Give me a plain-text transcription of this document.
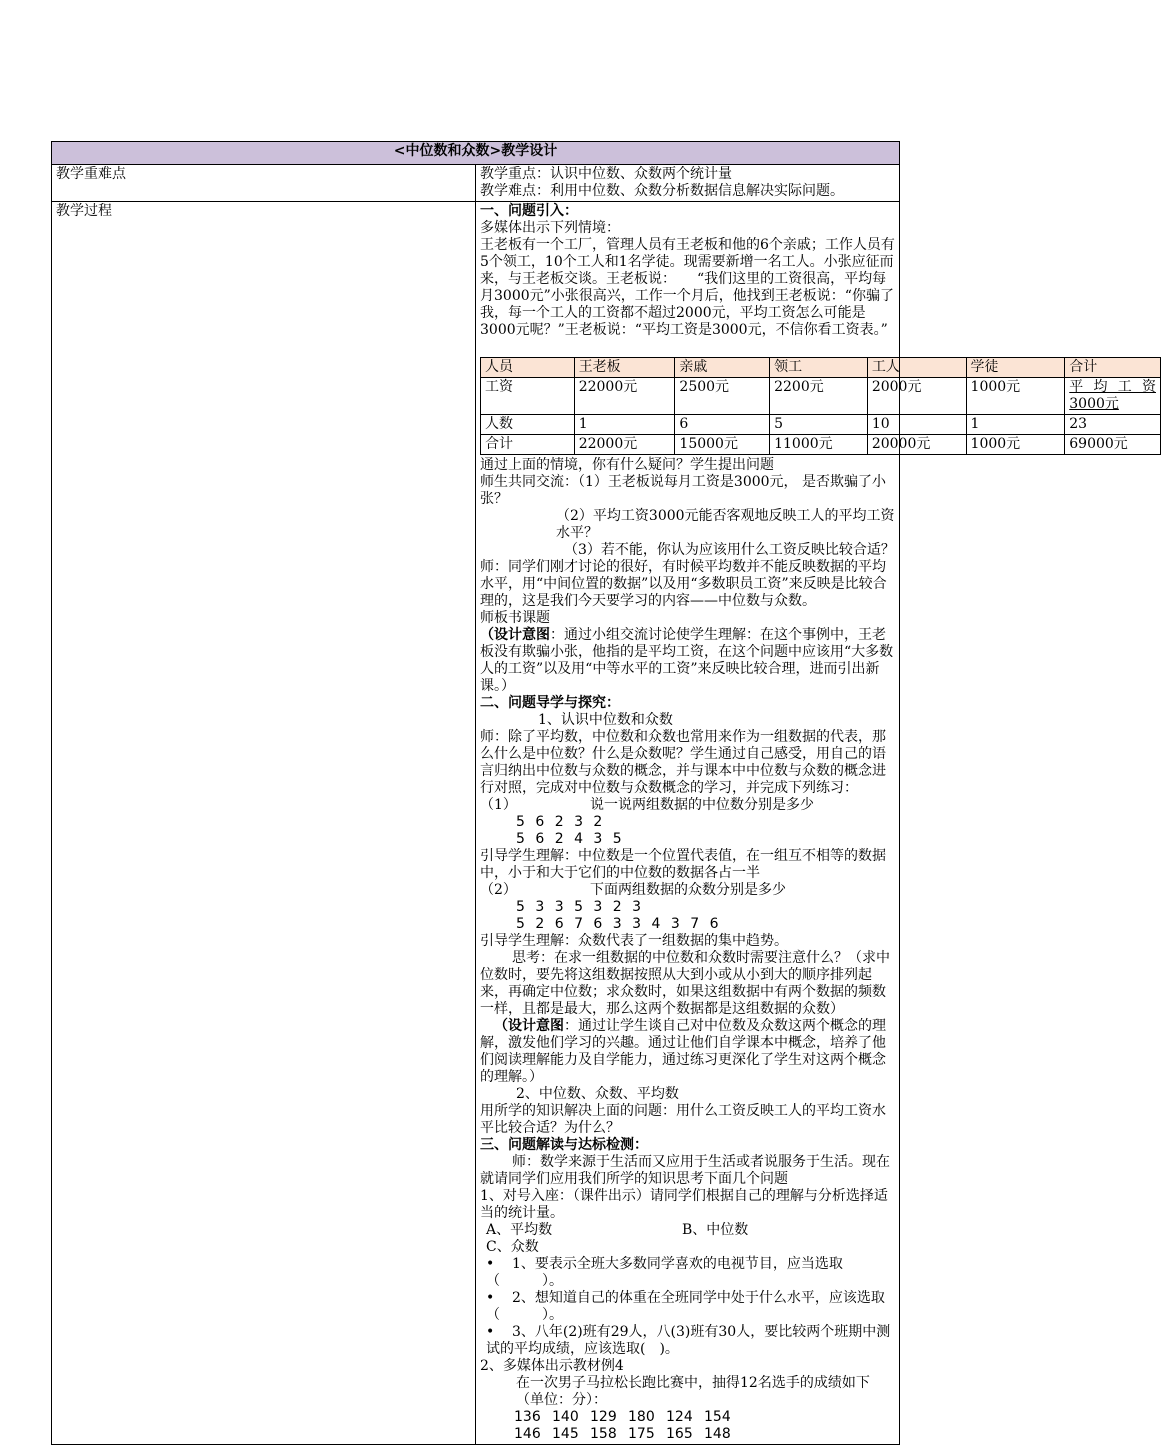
<中位数和众数>教学设计
教学重难点	教学重点：认识中位数、众数两个统计量

教学难点：利用中位数、众数分析数据信息解决实际问题。

教学过程	一、问题引入：

多媒体出示下列情境：

王老板有一个工厂，管理人员有王老板和他的6个亲戚；工作人员有5个领工，10个工人和1名学徒。现需要新增一名工人。小张应征而来，与王老板交谈。王老板说：　　“我们这里的工资很高，平均每月3000元”小张很高兴，工作一个月后，他找到王老板说：“你骗了我，每一个工人的工资都不超过2000元，平均工资怎么可能是3000元呢？”王老板说：“平均工资是3000元，不信你看工资表。”

人员	王老板	亲戚	领工	工人	学徒	合计
工资	22000元	2500元	2200元	2000元	1000元	平均工资3000元
人数	1	6	5	10	1	23
合计	22000元	15000元	11000元	20000元	1000元	69000元

通过上面的情境，你有什么疑问？学生提出问题

师生共同交流：（1）王老板说每月工资是3000元， 是否欺骗了小张？

（2）平均工资3000元能否客观地反映工人的平均工资水平？

（3）若不能，你认为应该用什么工资反映比较合适？

师：同学们刚才讨论的很好，有时候平均数并不能反映数据的平均水平，用“中间位置的数据”以及用“多数职员工资”来反映是比较合理的，这是我们今天要学习的内容——中位数与众数。

师板书课题

（设计意图：通过小组交流讨论使学生理解：在这个事例中，王老板没有欺骗小张，他指的是平均工资，在这个问题中应该用“大多数人的工资”以及用“中等水平的工资”来反映比较合理，进而引出新课。）

二、问题导学与探究：

1、认识中位数和众数

师：除了平均数，中位数和众数也常用来作为一组数据的代表，那么什么是中位数？什么是众数呢？学生通过自己感受，用自己的语言归纳出中位数与众数的概念，并与课本中中位数与众数的概念进行对照，完成对中位数与众数概念的学习，并完成下列练习：

（1）	说一说两组数据的中位数分别是多少

5 6 2 3 2

5 6 2 4 3 5

引导学生理解：中位数是一个位置代表值，在一组互不相等的数据中，小于和大于它们的中位数的数据各占一半

（2）	下面两组数据的众数分别是多少

5 3 3 5 3 2 3

5 2 6 7 6 3 3 4 3 7 6

引导学生理解：众数代表了一组数据的集中趋势。

思考：在求一组数据的中位数和众数时需要注意什么？（求中位数时，要先将这组数据按照从大到小或从小到大的顺序排列起来，再确定中位数；求众数时，如果这组数据中有两个数据的频数一样，且都是最大，那么这两个数据都是这组数据的众数）

（设计意图：通过让学生谈自己对中位数及众数这两个概念的理解，激发他们学习的兴趣。通过让他们自学课本中概念，培养了他们阅读理解能力及自学能力，通过练习更深化了学生对这两个概念的理解。）

2、中位数、众数、平均数

用所学的知识解决上面的问题：用什么工资反映工人的平均工资水平比较合适？为什么？

三、问题解读与达标检测：

师：数学来源于生活而又应用于生活或者说服务于生活。现在就请同学们应用我们所学的知识思考下面几个问题

1、对号入座：（课件出示）请同学们根据自己的理解与分析选择适当的统计量。

A、平均数	B、中位数C、众数

• 1、要表示全班大多数同学喜欢的电视节目，应当选取（　　　）。

• 2、想知道自己的体重在全班同学中处于什么水平，应该选取（　　　）。

• 3、八年(2)班有29人，八(3)班有30人，要比较两个班期中测试的平均成绩，应该选取(　)。

2、多媒体出示教材例4

在一次男子马拉松长跑比赛中，抽得12名选手的成绩如下（单位：分）：

136 140 129 180 124 154

146 145 158 175 165 148
